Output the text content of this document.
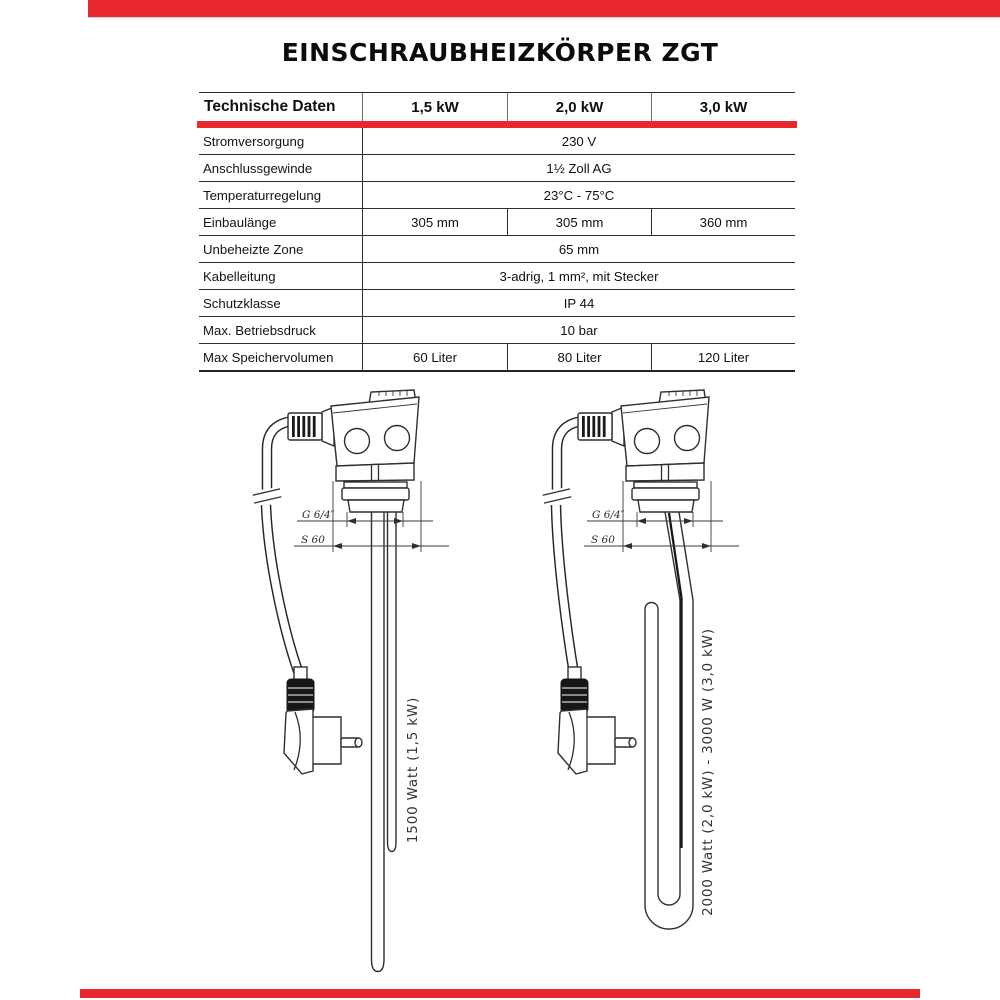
EINSCHRAUBHEIZKÖRPER ZGT
Technische Daten	1,5 kW	2,0 kW	3,0 kW
Stromversorgung	230 V
Anschlussgewinde	1½ Zoll AG
Temperaturregelung	23°C - 75°C
Einbaulänge	305 mm	305 mm	360 mm
Unbeheizte Zone	65 mm
Kabelleitung	3-adrig, 1 mm², mit Stecker
Schutzklasse	IP 44
Max. Betriebsdruck	10 bar
Max Speichervolumen	60 Liter	80 Liter	120 Liter
G 6/4″
S 60
1500 Watt (1,5 kW)	2000 Watt (2,0 kW) - 3000 W (3,0 kW)
